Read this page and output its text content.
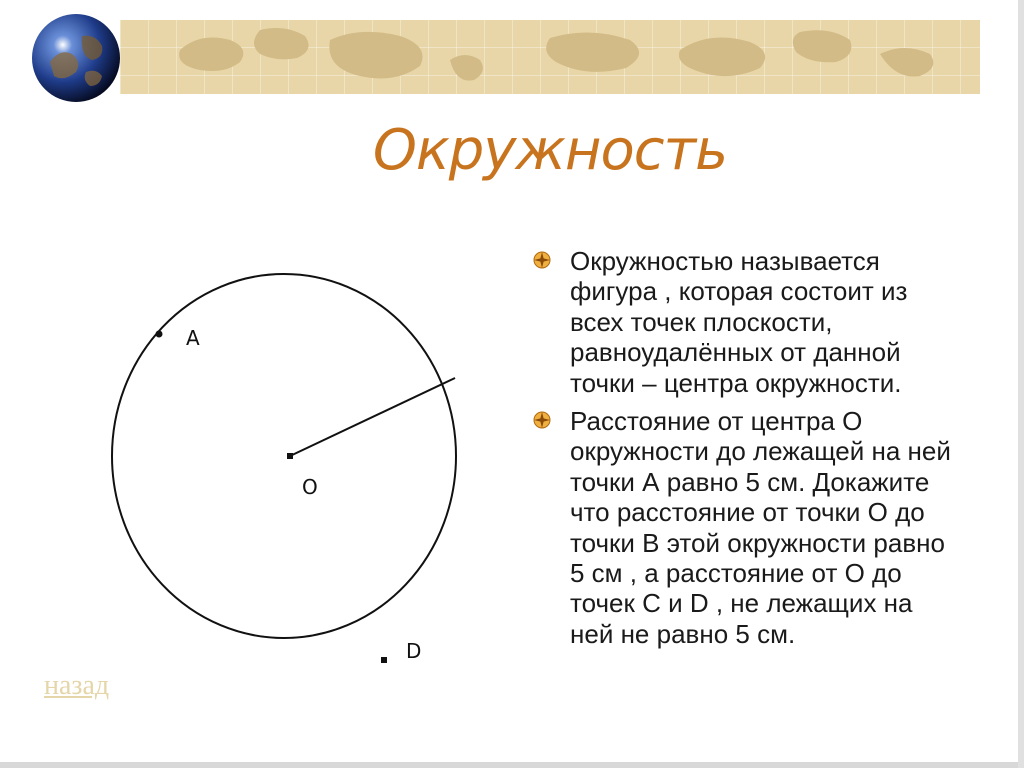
Окружность
A
O
D
Окружностью называется фигура , которая состоит из всех точек плоскости, равноудалённых от данной точки – центра окружности.
Расстояние от центра О окружности до лежащей на ней точки А равно 5 см. Докажите что расстояние от точки О до точки В этой окружности равно 5 см , а расстояние от О до точек С и D , не лежащих на ней не равно 5 см.
назад
